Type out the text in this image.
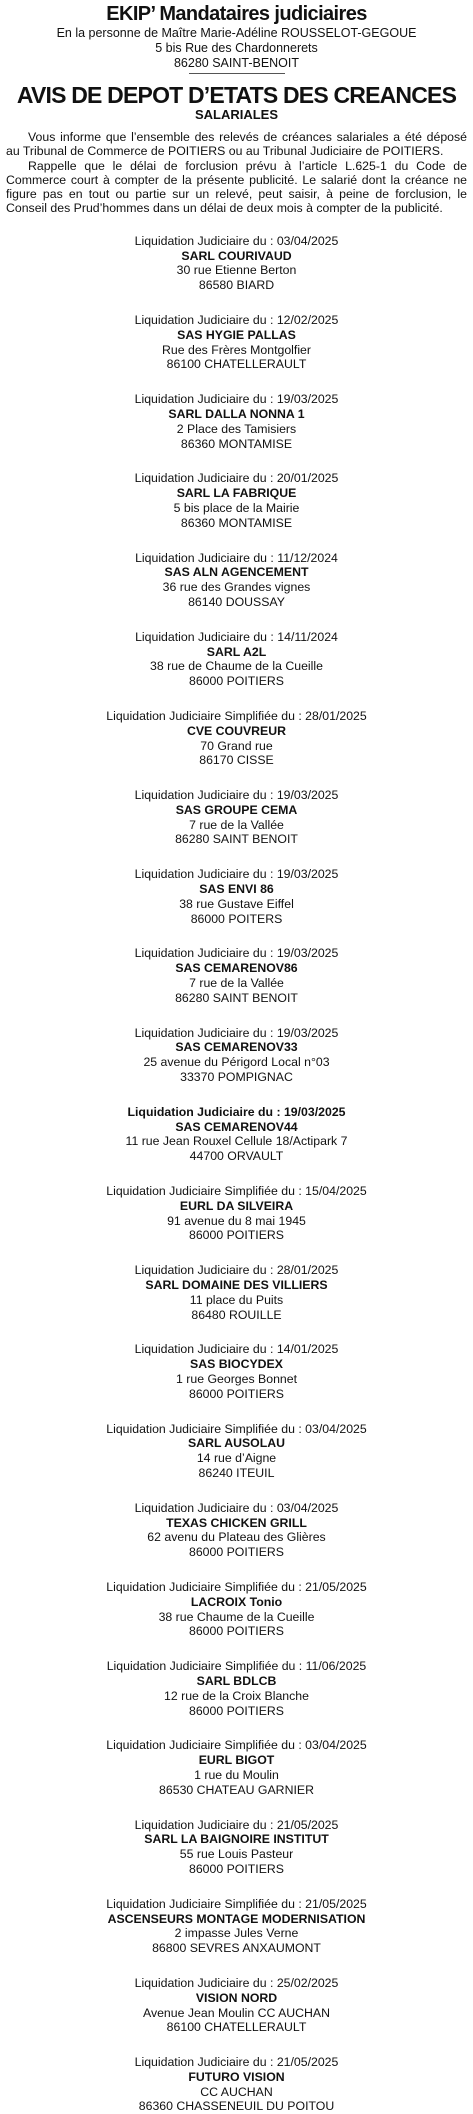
EKIP’ Mandataires judiciaires
En la personne de Maître Marie-Adéline ROUSSELOT-GEGOUE
5 bis Rue des Chardonnerets
86280 SAINT-BENOIT
AVIS DE DEPOT D’ETATS DES CREANCES
SALARIALES

Vous informe que l’ensemble des relevés de créances salariales a été déposé au Tribunal de Commerce de POITIERS ou au Tribunal Judiciaire de POITIERS.

Rappelle que le délai de forclusion prévu à l’article L.625-1 du Code de Commerce court à compter de la présente publicité. Le salarié dont la créance ne figure pas en tout ou partie sur un relevé, peut saisir, à peine de forclusion, le Conseil des Prud’hommes dans un délai de deux mois à compter de la publicité.

Liquidation Judiciaire du : 03/04/2025
SARL COURIVAUD
30 rue Etienne Berton
86580 BIARD
Liquidation Judiciaire du : 12/02/2025
SAS HYGIE PALLAS
Rue des Frères Montgolfier
86100 CHATELLERAULT
Liquidation Judiciaire du : 19/03/2025
SARL DALLA NONNA 1
2 Place des Tamisiers
86360 MONTAMISE
Liquidation Judiciaire du : 20/01/2025
SARL LA FABRIQUE
5 bis place de la Mairie
86360 MONTAMISE
Liquidation Judiciaire du : 11/12/2024
SAS ALN AGENCEMENT
36 rue des Grandes vignes
86140 DOUSSAY
Liquidation Judiciaire du : 14/11/2024
SARL A2L
38 rue de Chaume de la Cueille
86000 POITIERS
Liquidation Judiciaire Simplifiée du : 28/01/2025
CVE COUVREUR
70 Grand rue
86170 CISSE
Liquidation Judiciaire du : 19/03/2025
SAS GROUPE CEMA
7 rue de la Vallée
86280 SAINT BENOIT
Liquidation Judiciaire du : 19/03/2025
SAS ENVI 86
38 rue Gustave Eiffel
86000 POITERS
Liquidation Judiciaire du : 19/03/2025
SAS CEMARENOV86
7 rue de la Vallée
86280 SAINT BENOIT
Liquidation Judiciaire du : 19/03/2025
SAS CEMARENOV33
25 avenue du Périgord Local n°03
33370 POMPIGNAC
Liquidation Judiciaire du : 19/03/2025
SAS CEMARENOV44
11 rue Jean Rouxel Cellule 18/Actipark 7
44700 ORVAULT
Liquidation Judiciaire Simplifiée du : 15/04/2025
EURL DA SILVEIRA
91 avenue du 8 mai 1945
86000 POITIERS
Liquidation Judiciaire du : 28/01/2025
SARL DOMAINE DES VILLIERS
11 place du Puits
86480 ROUILLE
Liquidation Judiciaire du : 14/01/2025
SAS BIOCYDEX
1 rue Georges Bonnet
86000 POITIERS
Liquidation Judiciaire Simplifiée du : 03/04/2025
SARL AUSOLAU
14 rue d’Aigne
86240 ITEUIL
Liquidation Judiciaire du : 03/04/2025
TEXAS CHICKEN GRILL
62 avenu du Plateau des Glières
86000 POITIERS
Liquidation Judiciaire Simplifiée du : 21/05/2025
LACROIX Tonio
38 rue Chaume de la Cueille
86000 POITIERS
Liquidation Judiciaire Simplifiée du : 11/06/2025
SARL BDLCB
12 rue de la Croix Blanche
86000 POITIERS
Liquidation Judiciaire Simplifiée du : 03/04/2025
EURL BIGOT
1 rue du Moulin
86530 CHATEAU GARNIER
Liquidation Judiciaire du : 21/05/2025
SARL LA BAIGNOIRE INSTITUT
55 rue Louis Pasteur
86000 POITIERS
Liquidation Judiciaire Simplifiée du : 21/05/2025
ASCENSEURS MONTAGE MODERNISATION
2 impasse Jules Verne
86800 SEVRES ANXAUMONT
Liquidation Judiciaire du : 25/02/2025
VISION NORD
Avenue Jean Moulin CC AUCHAN
86100 CHATELLERAULT
Liquidation Judiciaire du : 21/05/2025
FUTURO VISION
CC AUCHAN
86360 CHASSENEUIL DU POITOU
